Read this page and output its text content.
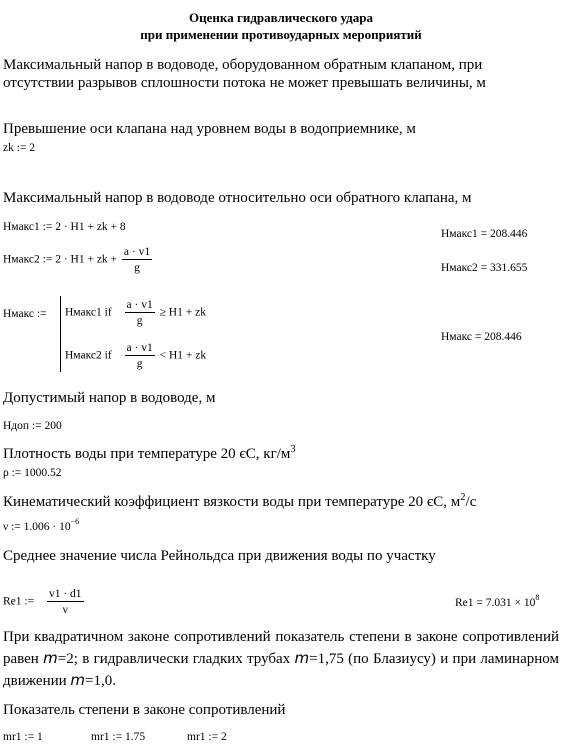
Оценка гидравлического удара
при применении противоударных мероприятий
Максимальный напор в водоводе, оборудованном обратным клапаном, при
отсутствии разрывов сплошности потока не может превышать величины, м
Превышение оси клапана над уровнем воды в водоприемнике, м
zk := 2
Максимальный напор в водоводе относительно оси обратного клапана, м
Hмакс1 := 2 · H1 + zk + 8
Hмакс1 = 208.446
Hмакс2 := 2 · H1 + zk + $\frac{a \cdot v1}{g}$	Hмакс2 = 331.655
Hмакс := Hмакс1 if $\frac{a \cdot v1}{g} \ge H1$ + zk
Hмакс2 if $\frac{a \cdot v1}{g} < H1$ + zk
Hмакс = 208.446
Допустимый напор в водоводе, м
Hдоп := 200
Плотность воды при температуре 20 єС, $кг/м^3$
ρ := 1000.52
Кинематический коэффициент вязкости воды при температуре 20 єС, $м^2/с$
ν := $1.006 \cdot 10^{-6}$
Среднее значение числа Рейнольдса при движения воды по участку
Re1 := $\frac{v1 \cdot d1}{\nu}$	$Re1 = 7.031 \times 10^8$
При квадратичном законе сопротивлений показатель степени в законе сопротивлений равен m=2; в гидравлически гладких трубах m=1,75 (по Блазиусу) и при ламинарном движении m=1,0.
Показатель степени в законе сопротивлений
mr1 := 1	mr1 := 1.75	mr1 := 2
